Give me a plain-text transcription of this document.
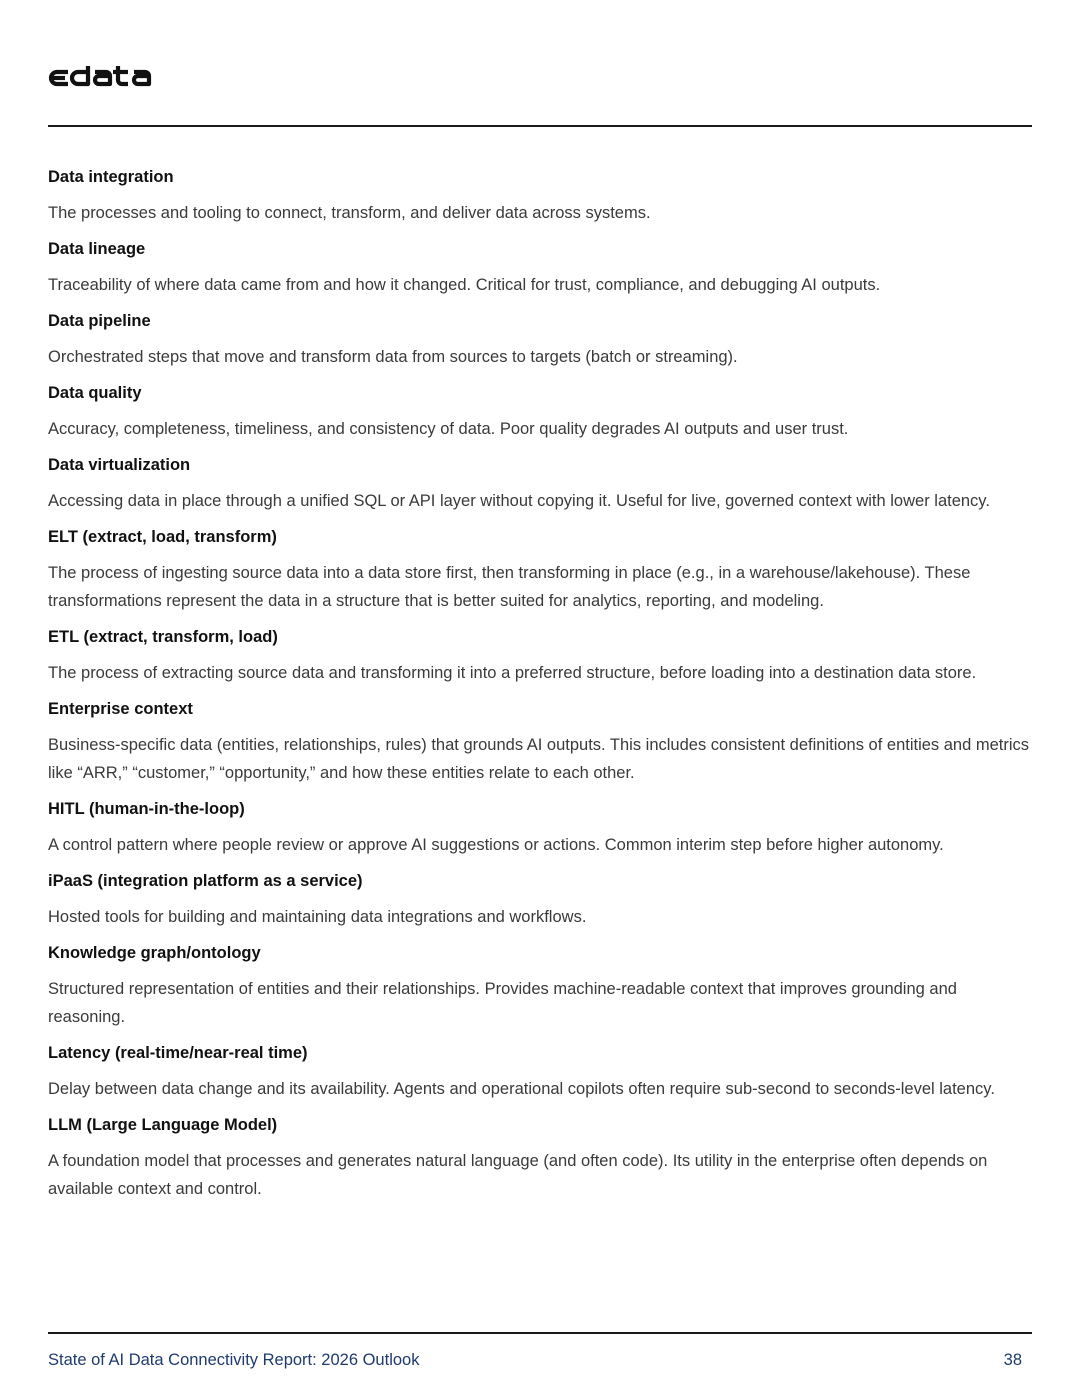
Data integration
The processes and tooling to connect, transform, and deliver data across systems.
Data lineage
Traceability of where data came from and how it changed. Critical for trust, compliance, and debugging AI outputs.
Data pipeline
Orchestrated steps that move and transform data from sources to targets (batch or streaming).
Data quality
Accuracy, completeness, timeliness, and consistency of data. Poor quality degrades AI outputs and user trust.
Data virtualization
Accessing data in place through a unified SQL or API layer without copying it. Useful for live, governed context with lower latency.
ELT (extract, load, transform)
The process of ingesting source data into a data store first, then transforming in place (e.g., in a warehouse/lakehouse). These transformations represent the data in a structure that is better suited for analytics, reporting, and modeling.
ETL (extract, transform, load)
The process of extracting source data and transforming it into a preferred structure, before loading into a destination data store.
Enterprise context
Business-specific data (entities, relationships, rules) that grounds AI outputs. This includes consistent definitions of entities and metrics like “ARR,” “customer,” “opportunity,” and how these entities relate to each other.
HITL (human-in-the-loop)
A control pattern where people review or approve AI suggestions or actions. Common interim step before higher autonomy.
iPaaS (integration platform as a service)
Hosted tools for building and maintaining data integrations and workflows.
Knowledge graph/ontology
Structured representation of entities and their relationships. Provides machine-readable context that improves grounding and reasoning.
Latency (real-time/near-real time)
Delay between data change and its availability. Agents and operational copilots often require sub-second to seconds-level latency.
LLM (Large Language Model)
A foundation model that processes and generates natural language (and often code). Its utility in the enterprise often depends on available context and control.
State of AI Data Connectivity Report: 2026 Outlook	38
